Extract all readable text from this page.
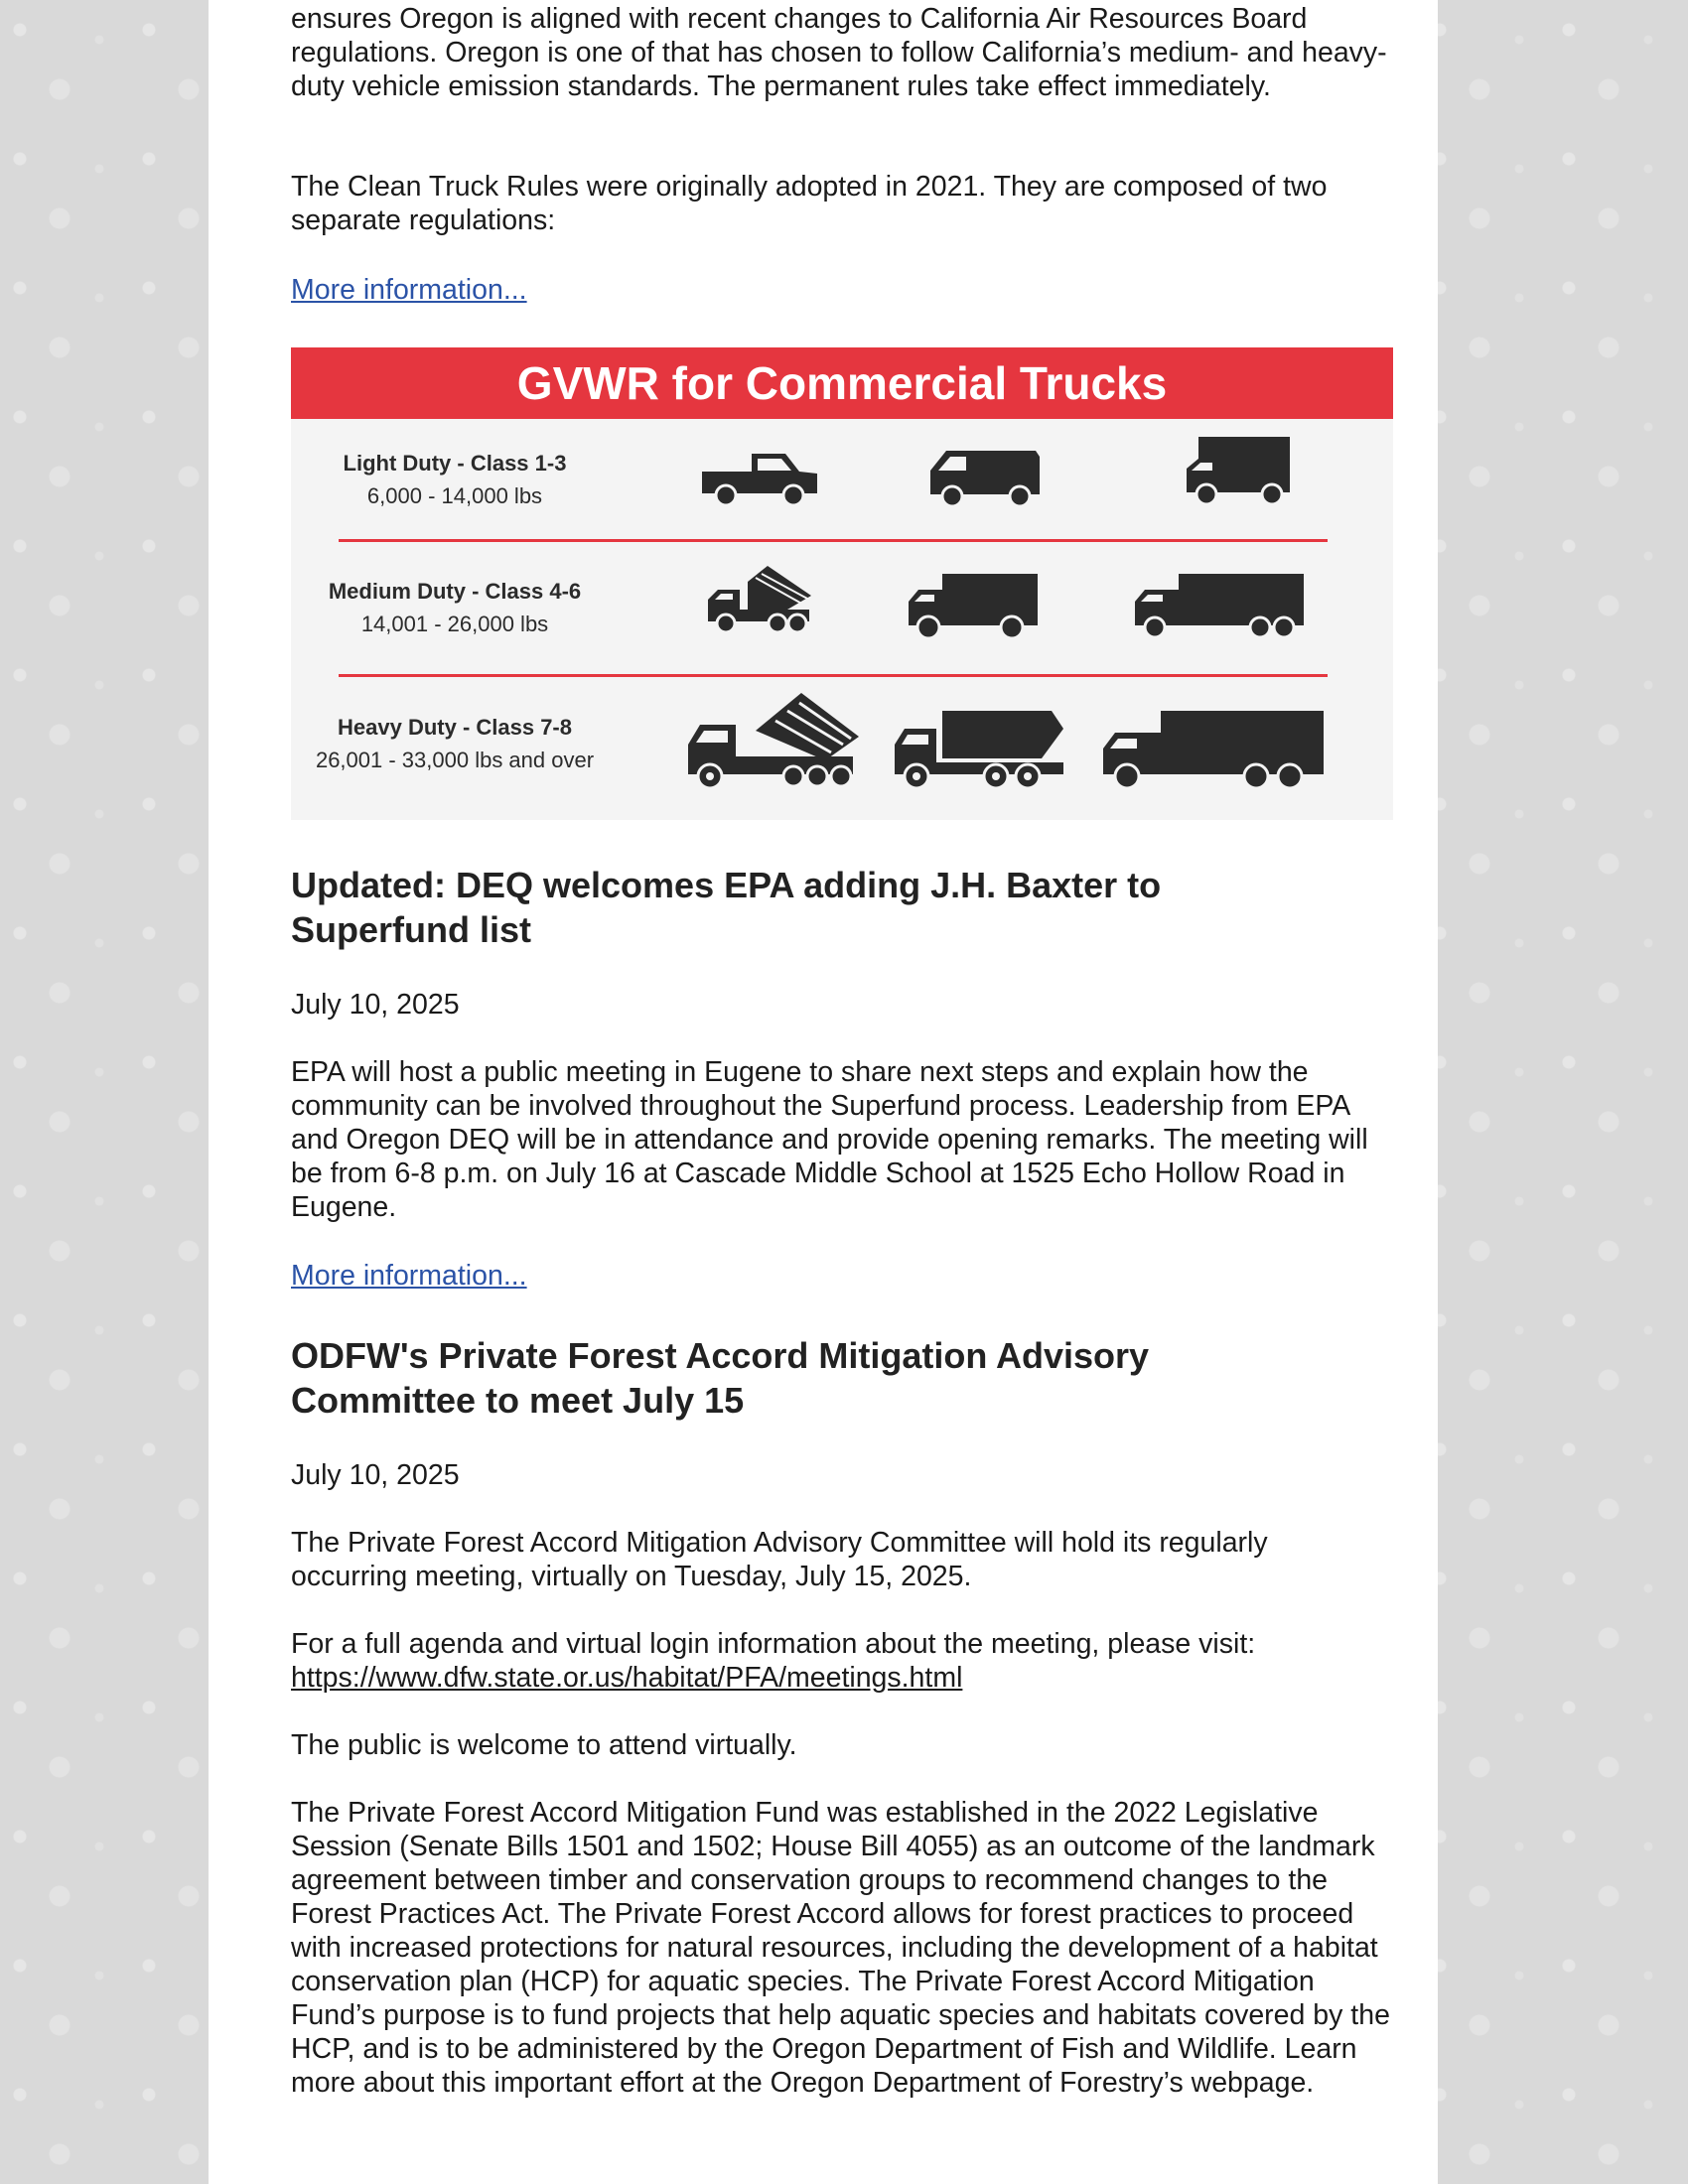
ensures Oregon is aligned with recent changes to California Air Resources Board regulations. Oregon is one of that has chosen to follow California’s medium- and heavy-duty vehicle emission standards. The permanent rules take effect immediately.

The Clean Truck Rules were originally adopted in 2021. They are composed of two separate regulations:

More information...
GVWR for Commercial Trucks
Light Duty - Class 1-3
6,000 - 14,000 lbs
Medium Duty - Class 4-6
14,001 - 26,000 lbs
Heavy Duty - Class 7-8
26,001 - 33,000 lbs and over
Updated: DEQ welcomes EPA adding J.H. Baxter to Superfund list

July 10, 2025

EPA will host a public meeting in Eugene to share next steps and explain how the community can be involved throughout the Superfund process. Leadership from EPA and Oregon DEQ will be in attendance and provide opening remarks. The meeting will be from 6-8 p.m. on July 16 at Cascade Middle School at 1525 Echo Hollow Road in Eugene.

More information...
ODFW's Private Forest Accord Mitigation Advisory Committee to meet July 15

July 10, 2025

The Private Forest Accord Mitigation Advisory Committee will hold its regularly occurring meeting, virtually on Tuesday, July 15, 2025.

For a full agenda and virtual login information about the meeting, please visit: https://www.dfw.state.or.us/habitat/PFA/meetings.html

The public is welcome to attend virtually.

The Private Forest Accord Mitigation Fund was established in the 2022 Legislative Session (Senate Bills 1501 and 1502; House Bill 4055) as an outcome of the landmark agreement between timber and conservation groups to recommend changes to the Forest Practices Act. The Private Forest Accord allows for forest practices to proceed with increased protections for natural resources, including the development of a habitat conservation plan (HCP) for aquatic species. The Private Forest Accord Mitigation Fund’s purpose is to fund projects that help aquatic species and habitats covered by the HCP, and is to be administered by the Oregon Department of Fish and Wildlife. Learn more about this important effort at the Oregon Department of Forestry’s webpage.
